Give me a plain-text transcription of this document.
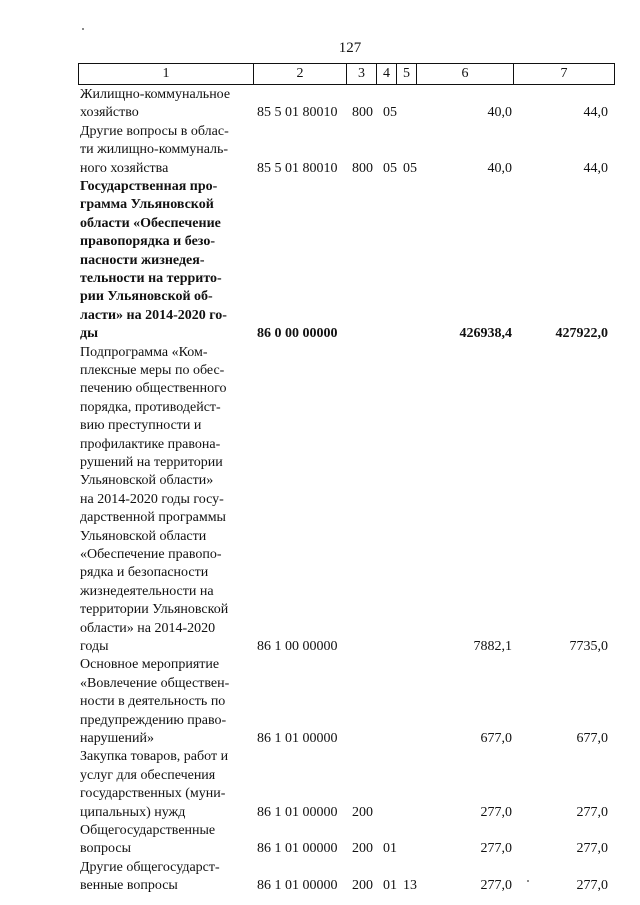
127
1	2	3	4 5	6	7
Жилищно-коммунальное
хозяйство	85 5 01 80010 800 05	40,0	44,0
Другие вопросы в облас-
ти жилищно-коммуналь-
ного хозяйства	85 5 01 80010 800 05 05	40,0	44,0
Государственная про-
грамма Ульяновской
области «Обеспечение
правопорядка и безо-
пасности жизнедея-
тельности на террито-
рии Ульяновской об-
ласти» на 2014-2020 го-
ды	86 0 00 00000	426938,4	427922,0
Подпрограмма «Ком-
плексные меры по обес-
печению общественного
порядка, противодейст-
вию преступности и
профилактике правона-
рушений на территории
Ульяновской области»
на 2014-2020 годы госу-
дарственной программы
Ульяновской области
«Обеспечение правопо-
рядка и безопасности
жизнедеятельности на
территории Ульяновской
области» на 2014-2020
годы	86 1 00 00000	7882,1	7735,0
Основное мероприятие
«Вовлечение обществен-
ности в деятельность по
предупреждению право-
нарушений»	86 1 01 00000	677,0	677,0
Закупка товаров, работ и
услуг для обеспечения
государственных (муни-
ципальных) нужд	86 1 01 00000 200	277,0	277,0
Общегосударственные
вопросы	86 1 01 00000 200 01	277,0	277,0
Другие общегосударст-
венные вопросы	86 1 01 00000 200 01 13	277,0	277,0
